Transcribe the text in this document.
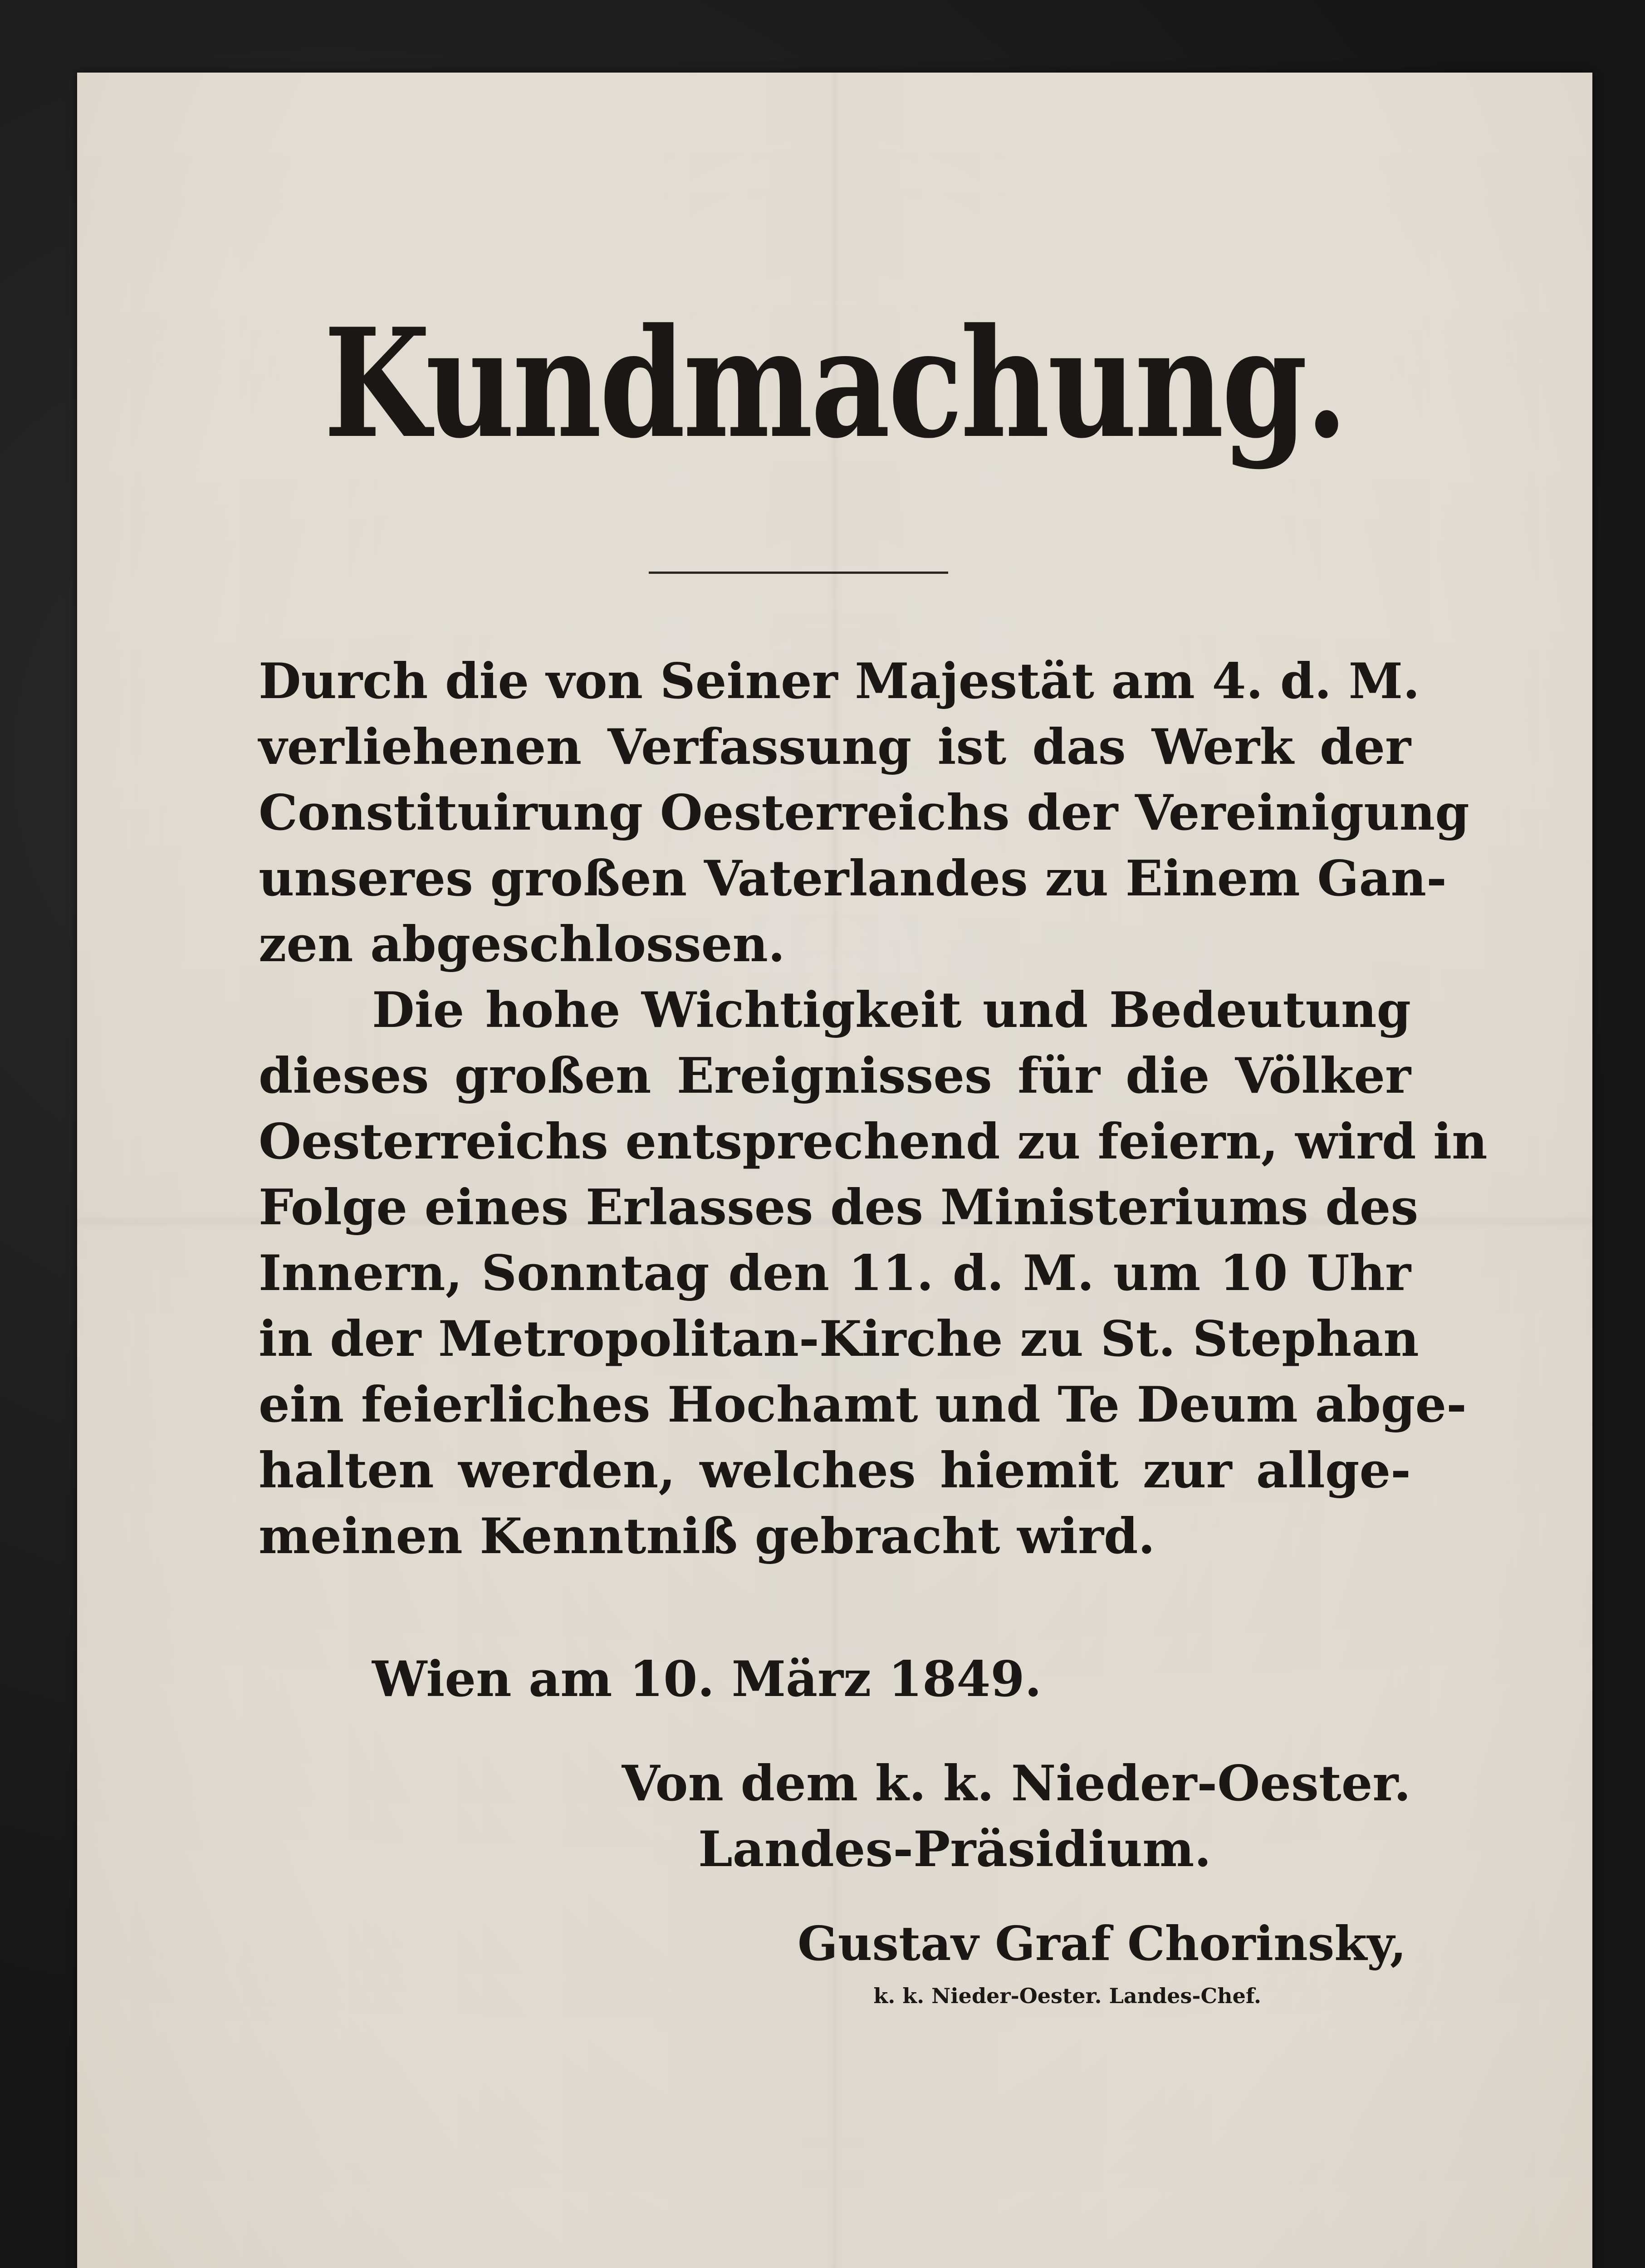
Kundmachung.
Durch die von Seiner Majestät am 4. d. M.
verliehenen Verfassung ist das Werk der
Constituirung Oesterreichs der Vereinigung
unseres großen Vaterlandes zu Einem Gan-
zen abgeschlossen.
Die hohe Wichtigkeit und Bedeutung
dieses großen Ereignisses für die Völker
Oesterreichs entsprechend zu feiern, wird in
Folge eines Erlasses des Ministeriums des
Innern, Sonntag den 11. d. M. um 10 Uhr
in der Metropolitan-Kirche zu St. Stephan
ein feierliches Hochamt und Te Deum abge-
halten werden, welches hiemit zur allge-
meinen Kenntniß gebracht wird.
Wien am 10. März 1849.
Von dem k. k. Nieder-Oester.
Landes-Präsidium.
Gustav Graf Chorinsky,
k. k. Nieder-Oester. Landes-Chef.
